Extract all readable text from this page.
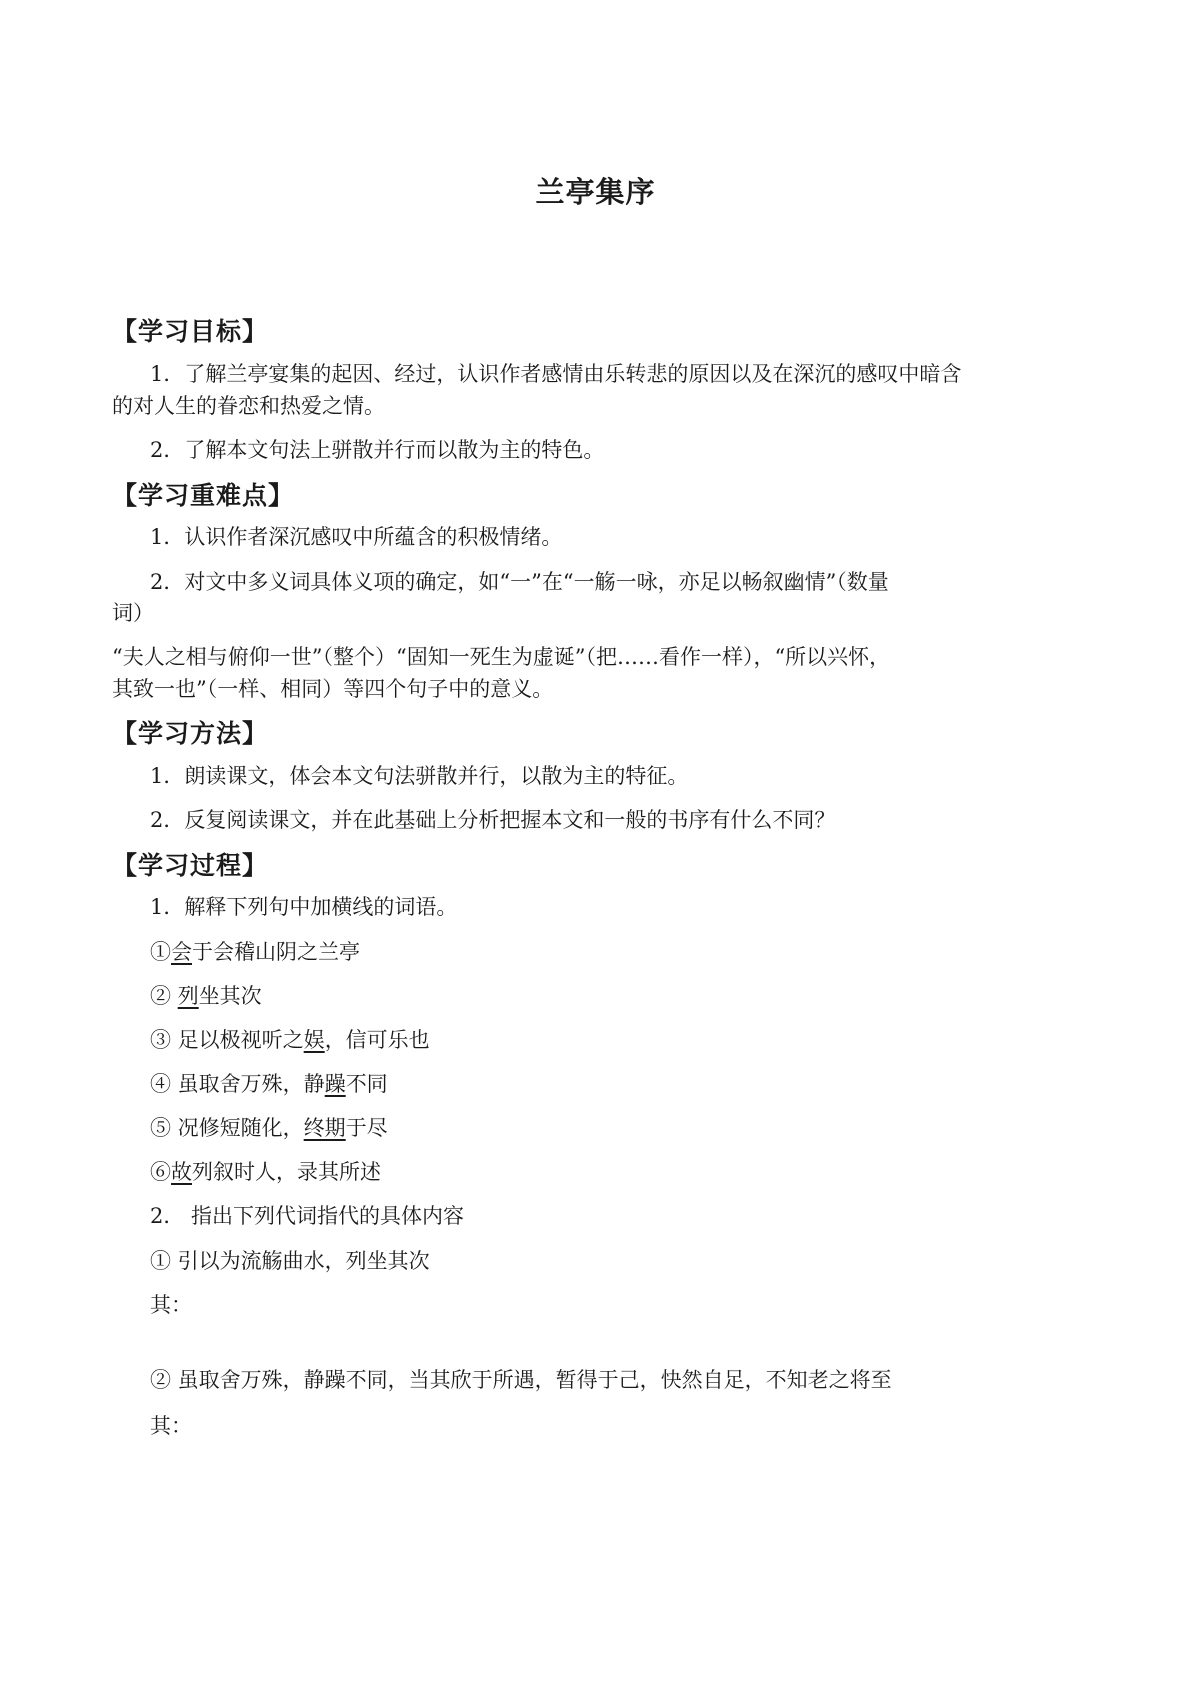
兰亭集序
【学习目标】
1．了解兰亭宴集的起因、经过，认识作者感情由乐转悲的原因以及在深沉的感叹中暗含
的对人生的眷恋和热爱之情。
2．了解本文句法上骈散并行而以散为主的特色。
【学习重难点】
1．认识作者深沉感叹中所蕴含的积极情绪。
2．对文中多义词具体义项的确定，如“一”在“一觞一咏，亦足以畅叙幽情”（数量
词）
“夫人之相与俯仰一世”（整个）“固知一死生为虚诞”（把……看作一样），“所以兴怀，
其致一也”（一样、相同）等四个句子中的意义。
【学习方法】
1．朗读课文，体会本文句法骈散并行，以散为主的特征。
2．反复阅读课文，并在此基础上分析把握本文和一般的书序有什么不同？
【学习过程】
1．解释下列句中加横线的词语。
①会于会稽山阴之兰亭
② 列坐其次
③ 足以极视听之娱，信可乐也
④ 虽取舍万殊，静躁不同
⑤ 况修短随化，终期于尽
⑥故列叙时人，录其所述
2． 指出下列代词指代的具体内容
① 引以为流觞曲水，列坐其次
其：
② 虽取舍万殊，静躁不同，当其欣于所遇，暂得于己，快然自足，不知老之将至
其：
